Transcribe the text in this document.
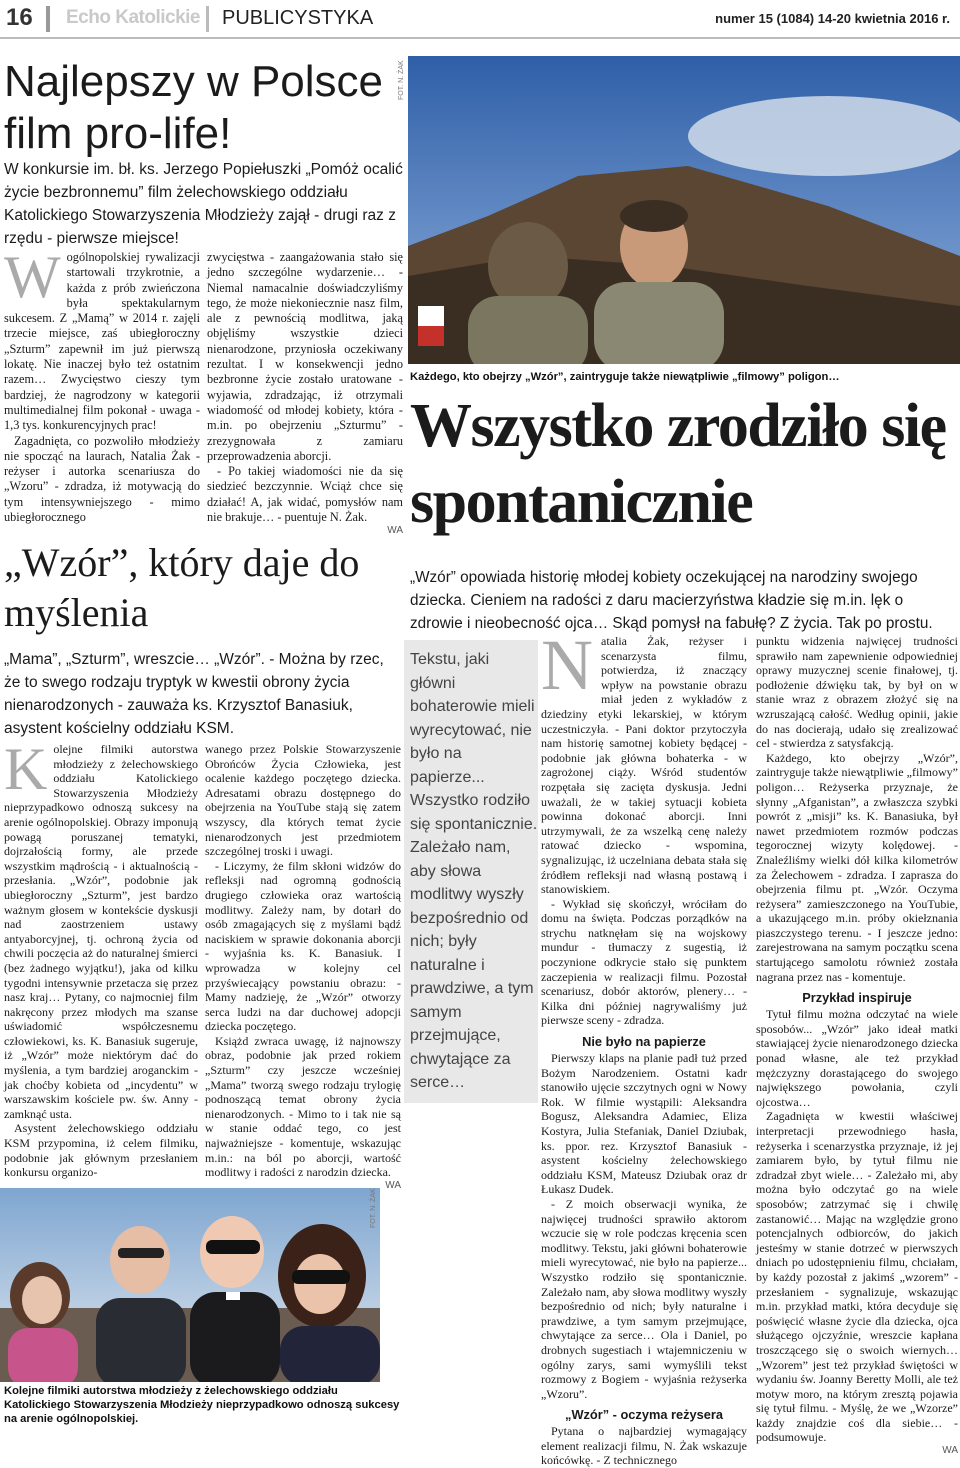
16 Echo Katolickie PUBLICYSTYKA	numer 15 (1084) 14-20 kwietnia 2016 r.
Najlepszy w Polsce film pro-life!
W konkursie im. bł. ks. Jerzego Popiełuszki „Pomóż ocalić życie bezbronnemu” film żelechowskiego oddziału Katolickiego Stowarzyszenia Młodzieży zajął - drugi raz z rzędu - pierwsze miejsce!
W ogólnopolskiej rywalizacji startowali trzykrotnie, a każda z prób zwieńczona była spektakularnym sukcesem. Z „Mamą” w 2014 r. zajęli trzecie miejsce, zaś ubiegłoroczny „Szturm” zapewnił im już pierwszą lokatę. Nie inaczej było też ostatnim razem… Zwycięstwo cieszy tym bardziej, że nagrodzony w kategorii multimedialnej film pokonał - uwaga - 1,3 tys. konkurencyjnych prac!

Zagadnięta, co pozwoliło młodzieży nie spocząć na laurach, Natalia Żak - reżyser i autorka scenariusza do „Wzoru” - zdradza, iż motywacją do tym intensywniejszego - mimo ubiegłorocznego

zwycięstwa - zaangażowania stało się jedno szczególne wydarzenie… - Niemal namacalnie doświadczyliśmy tego, że może niekoniecznie nasz film, ale z pewnością modlitwa, jaką objęliśmy wszystkie dzieci nienarodzone, przyniosła oczekiwany rezultat. I w konsekwencji jedno bezbronne życie zostało uratowane - wyjawia, zdradzając, iż otrzymali wiadomość od młodej kobiety, która - m.in. po obejrzeniu „Szturmu” - zrezygnowała z zamiaru przeprowadzenia aborcji.

- Po takiej wiadomości nie da się siedzieć bezczynnie. Wciąż chce się działać! A, jak widać, pomysłów nam nie brakuje… - puentuje N. Żak.

WA
„Wzór”, który daje do myślenia
„Mama”, „Szturm”, wreszcie… „Wzór”. - Można by rzec, że to swego rodzaju tryptyk w kwestii obrony życia nienarodzonych - zauważa ks. Krzysztof Banasiuk, asystent kościelny oddziału KSM.
K olejne filmiki autorstwa młodzieży z żelechowskiego oddziału Katolickiego Stowarzyszenia Młodzieży nieprzypadkowo odnoszą sukcesy na arenie ogólnopolskiej. Obrazy imponują powagą poruszanej tematyki, dojrzałością formy, ale przede wszystkim mądrością - i aktualnością - przesłania. „Wzór”, podobnie jak ubiegłoroczny „Szturm”, jest bardzo ważnym głosem w kontekście dyskusji nad zaostrzeniem ustawy antyaborcyjnej, tj. ochroną życia od chwili poczęcia aż do naturalnej śmierci (bez żadnego wyjątku!), jaka od kilku tygodni intensywnie przetacza się przez nasz kraj… Pytany, co najmocniej film nakręcony przez młodych ma szanse uświadomić współczesnemu człowiekowi, ks. K. Banasiuk sugeruje, iż „Wzór” może niektórym dać do myślenia, a tym bardziej aroganckim - jak choćby kobieta od „incydentu” w warszawskim kościele pw. św. Anny - zamknąć usta.

Asystent żelechowskiego oddziału KSM przypomina, iż celem filmiku, podobnie jak głównym przesłaniem konkursu organizo-

wanego przez Polskie Stowarzyszenie Obrońców Życia Człowieka, jest ocalenie każdego poczętego dziecka. Adresatami obrazu dostępnego do obejrzenia na YouTube stają się zatem wszyscy, dla których temat życie nienarodzonych jest przedmiotem szczególnej troski i uwagi.

- Liczymy, że film skłoni widzów do refleksji nad ogromną godnością drugiego człowieka oraz wartością modlitwy. Zależy nam, by dotarł do osób zmagających się z myślami bądź naciskiem w sprawie dokonania aborcji - wyjaśnia ks. K. Banasiuk. I wprowadza w kolejny cel przyświecający powstaniu obrazu: - Mamy nadzieję, że „Wzór” otworzy serca ludzi na dar duchowej adopcji dziecka poczętego.

Książd zwraca uwagę, iż najnowszy obraz, podobnie jak przed rokiem „Szturm” czy jeszcze wcześniej „Mama” tworzą swego rodzaju trylogię podnoszącą temat obrony życia nienarodzonych. - Mimo to i tak nie są w stanie oddać tego, co jest najważniejsze - komentuje, wskazując m.in.: na ból po aborcji, wartość modlitwy i radości z narodzin dziecka.

WA
FOT. N. ŻAK
Kolejne filmiki autorstwa młodzieży z żelechowskiego oddziału Katolickiego Stowarzyszenia Młodzieży nieprzypadkowo odnoszą sukcesy na arenie ogólnopolskiej.
FOT. N. ŻAK
Każdego, kto obejrzy „Wzór”, zaintryguje także niewątpliwie „filmowy” poligon…
Wszystko zrodziło się spontanicznie
„Wzór” opowiada historię młodej kobiety oczekującej na narodziny swojego dziecka. Cieniem na radości z daru macierzyństwa kładzie się m.in. lęk o zdrowie i nieobecność ojca… Skąd pomysł na fabułę? Z życia. Tak po prostu.
Tekstu, jaki główni bohaterowie mieli wyrecytować, nie było na papierze... Wszystko rodziło się spontanicznie. Zależało nam, aby słowa modlitwy wyszły bezpośrednio od nich; były naturalne i prawdziwe, a tym samym przejmujące, chwytające za serce…
N atalia Żak, reżyser i scenarzysta filmu, potwierdza, iż znaczący wpływ na powstanie obrazu miał jeden z wykładów z dziedziny etyki lekarskiej, w którym uczestniczyła. - Pani doktor przytoczyła nam historię samotnej kobiety będącej - podobnie jak główna bohaterka - w zagrożonej ciąży. Wśród studentów rozpętała się zacięta dyskusja. Jedni uważali, że w takiej sytuacji kobieta powinna dokonać aborcji. Inni utrzymywali, że za wszelką cenę należy ratować dziecko - wspomina, sygnalizując, iż uczelniana debata stała się źródłem refleksji nad własną postawą i stanowiskiem.

- Wykład się skończył, wróciłam do domu na święta. Podczas porządków na strychu natknęłam się na wojskowy mundur - tłumaczy z sugestią, iż poczynione odkrycie stało się punktem zaczepienia w realizacji filmu. Pozostał scenariusz, dobór aktorów, plenery… - Kilka dni później nagrywaliśmy już pierwsze sceny - zdradza.

Nie było na papierze

Pierwszy klaps na planie padł tuż przed Bożym Narodzeniem. Ostatni kadr stanowiło ujęcie szczytnych ogni w Nowy Rok. W filmie wystąpili: Aleksandra Bogusz, Aleksandra Adamiec, Eliza Kostyra, Julia Stefaniak, Daniel Dziubak, ks. ppor. rez. Krzysztof Banasiuk - asystent kościelny żelechowskiego oddziału KSM, Mateusz Dziubak oraz dr Łukasz Dudek.

- Z moich obserwacji wynika, że najwięcej trudności sprawiło aktorom wczucie się w role podczas kręcenia scen modlitwy. Tekstu, jaki główni bohaterowie mieli wyrecytować, nie było na papierze... Wszystko rodziło się spontanicznie. Zależało nam, aby słowa modlitwy wyszły bezpośrednio od nich; były naturalne i prawdziwe, a tym samym przejmujące, chwytające za serce… Ola i Daniel, po drobnych sugestiach i wtajemniczeniu w ogólny zarys, sami wymyślili tekst rozmowy z Bogiem - wyjaśnia reżyserka „Wzoru”.

„Wzór” - oczyma reżysera

Pytana o najbardziej wymagający element realizacji filmu, N. Żak wskazuje końcówkę. - Z technicznego

punktu widzenia najwięcej trudności sprawiło nam zapewnienie odpowiedniej oprawy muzycznej scenie finałowej, tj. podłożenie dźwięku tak, by był on w stanie wraz z obrazem złożyć się na wzruszającą całość. Według opinii, jakie do nas docierają, udało się zrealizować cel - stwierdza z satysfakcją.

Każdego, kto obejrzy „Wzór”, zaintryguje także niewątpliwie „filmowy” poligon… Reżyserka przyznaje, że słynny „Afganistan”, a zwłaszcza szybki powrót z „misji” ks. K. Banasiuka, był nawet przedmiotem rozmów podczas tegorocznej wizyty kolędowej. - Znaleźliśmy wielki dół kilka kilometrów za Żelechowem - zdradza. I zaprasza do obejrzenia filmu pt. „Wzór. Oczyma reżysera” zamieszczonego na YouTubie, a ukazującego m.in. próby okiełznania piaszczystego terenu. - I jeszcze jedno: zarejestrowana na samym początku scena startującego samolotu również została nagrana przez nas - komentuje.

Przykład inspiruje

Tytuł filmu można odczytać na wiele sposobów... „Wzór” jako ideał matki stawiającej życie nienarodzonego dziecka ponad własne, ale też przykład mężczyzny dorastającego do swojego największego powołania, czyli ojcostwa…

Zagadnięta w kwestii właściwej interpretacji przewodniego hasła, reżyserka i scenarzystka przyznaje, iż jej zamiarem było, by tytuł filmu nie zdradzał zbyt wiele… - Zależało mi, aby można było odczytać go na wiele sposobów; zatrzymać się i chwilę zastanowić… Mając na względzie grono potencjalnych odbiorców, do jakich jesteśmy w stanie dotrzeć w pierwszych dniach po udostępnieniu filmu, chciałam, by każdy pozostał z jakimś „wzorem” - przesłaniem - sygnalizuje, wskazując m.in. przykład matki, która decyduje się poświęcić własne życie dla dziecka, ojca służącego ojczyźnie, wreszcie kapłana troszczącego się o swoich wiernych… „Wzorem” jest też przykład świętości w wydaniu św. Joanny Beretty Molli, ale też motyw moro, na którym zresztą pojawia się tytuł filmu. - Myślę, że we „Wzorze” każdy znajdzie coś dla siebie… - podsumowuje.

WA
